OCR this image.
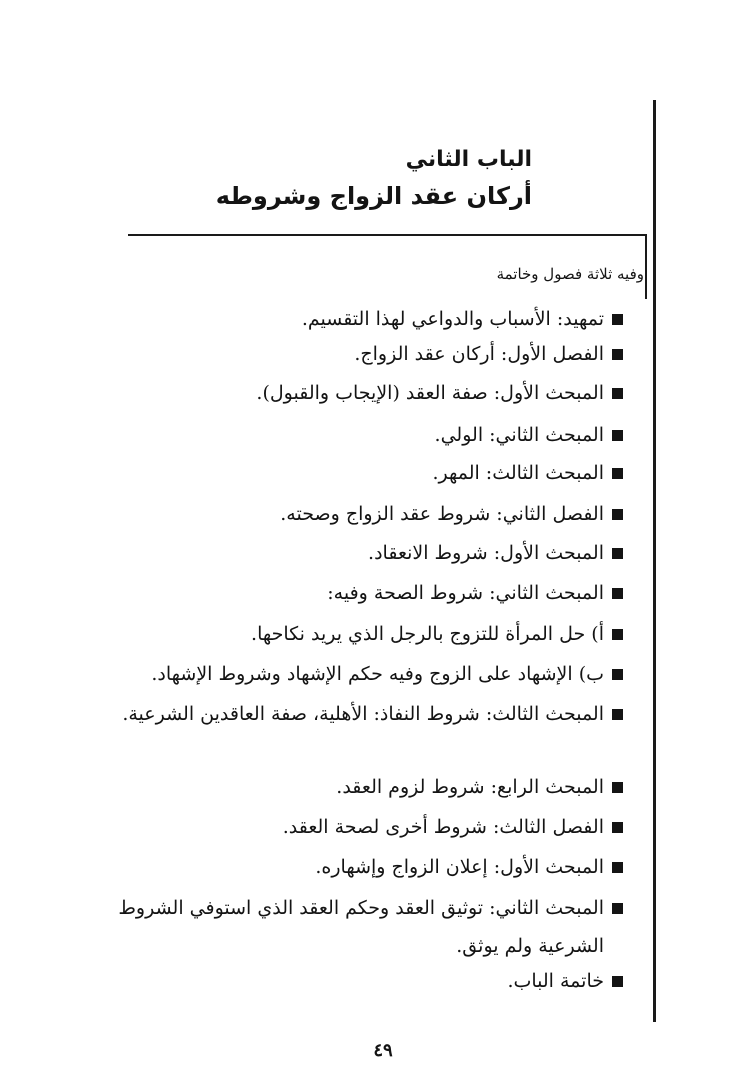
الباب الثاني
أركان عقد الزواج وشروطه
وفيه ثلاثة فصول وخاتمة
تمهيد: الأسباب والدواعي لهذا التقسيم.
الفصل الأول: أركان عقد الزواج.
المبحث الأول: صفة العقد (الإيجاب والقبول).
المبحث الثاني: الولي.
المبحث الثالث: المهر.
الفصل الثاني: شروط عقد الزواج وصحته.
المبحث الأول: شروط الانعقاد.
المبحث الثاني: شروط الصحة وفيه:
أ) حل المرأة للتزوج بالرجل الذي يريد نكاحها.
ب) الإشهاد على الزوج وفيه حكم الإشهاد وشروط الإشهاد.
المبحث الثالث: شروط النفاذ: الأهلية، صفة العاقدين الشرعية.
المبحث الرابع: شروط لزوم العقد.
الفصل الثالث: شروط أخرى لصحة العقد.
المبحث الأول: إعلان الزواج وإشهاره.
المبحث الثاني: توثيق العقد وحكم العقد الذي استوفي الشروط الشرعية ولم يوثق.
خاتمة الباب.
٤٩
